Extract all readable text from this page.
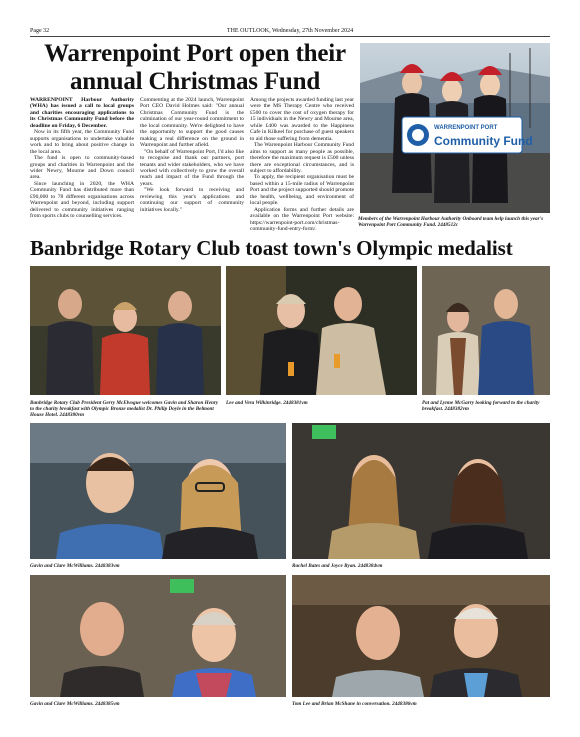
Page 32	THE OUTLOOK, Wednesday, 27th November 2024
Warrenpoint Port open their annual Christmas Fund

WARRENPOINT Harbour Authority (WHA) has issued a call to local groups and charities encouraging applications to its Christmas Community Fund before the deadline on Friday, 6 December.

Now in its fifth year, the Community Fund supports organisations to undertake valuable work and to bring about positive change in the local area.

The fund is open to community-based groups and charities in Warrenpoint and the wider Newry, Mourne and Down council area.

Since launching in 2020, the WHA Community Fund has distributed more than £90,000 to 78 different organisations across Warrenpoint and beyond, including support delivered to community initiatives ranging from sports clubs to counselling services.

Commenting at the 2024 launch, Warrenpoint Port CEO David Holmes said: "Our annual Christmas Community Fund is the culmination of our year-round commitment to the local community. We're delighted to have the opportunity to support the good causes making a real difference on the ground in Warrenpoint and further afield.

"On behalf of Warrenpoint Port, I'd also like to recognise and thank our partners, port tenants and wider stakeholders, who we have worked with collectively to grow the overall reach and impact of the Fund through the years.

"We look forward to receiving and reviewing this year's applications and continuing our support of community initiatives locally."

Among the projects awarded funding last year were the MS Therapy Centre who received £500 to cover the cost of oxygen therapy for 15 individuals in the Newry and Mourne area, while £400 was awarded to the Happiness Cafe in Kilkeel for purchase of guest speakers to aid those suffering from dementia.

The Warrenpoint Harbour Community Fund aims to support as many people as possible, therefore the maximum request is £500 unless there are exceptional circumstances, and is subject to affordability.

To apply, the recipient organisation must be based within a 15-mile radius of Warrenpoint Port and the project supported should promote the health, wellbeing, and environment of local people.

Application forms and further details are available on the Warrenpoint Port website: https://warrenpoint-port.com/christmas-community-fund-entry-form/.

WARRENPOINT PORT
Community Fund
Members of the Warrenpoint Harbour Authority Onboard team help launch this year's Warrenpoint Port Community Fund. 2448512c
Banbridge Rotary Club toast town's Olympic medalist
Banbridge Rotary Club President Gerry McElvogue welcomes Gavin and Sharon Henry to the charity breakfast with Olympic Bronze medalist Dr. Philip Doyle in the Belmont House Hotel. 2448380vm
Lee and Vera Wilkinridge. 2448381vm	Pat and Lynne McGarry looking forward to the charity breakfast. 2448382vm
Gavin and Clare McWilliams. 2448383vm	Rachel Bates and Joyce Ryan. 2448384vm
Gavin and Clare McWilliams. 2448385vm	Tom Lee and Brian McShane in conversation. 2448386vm
